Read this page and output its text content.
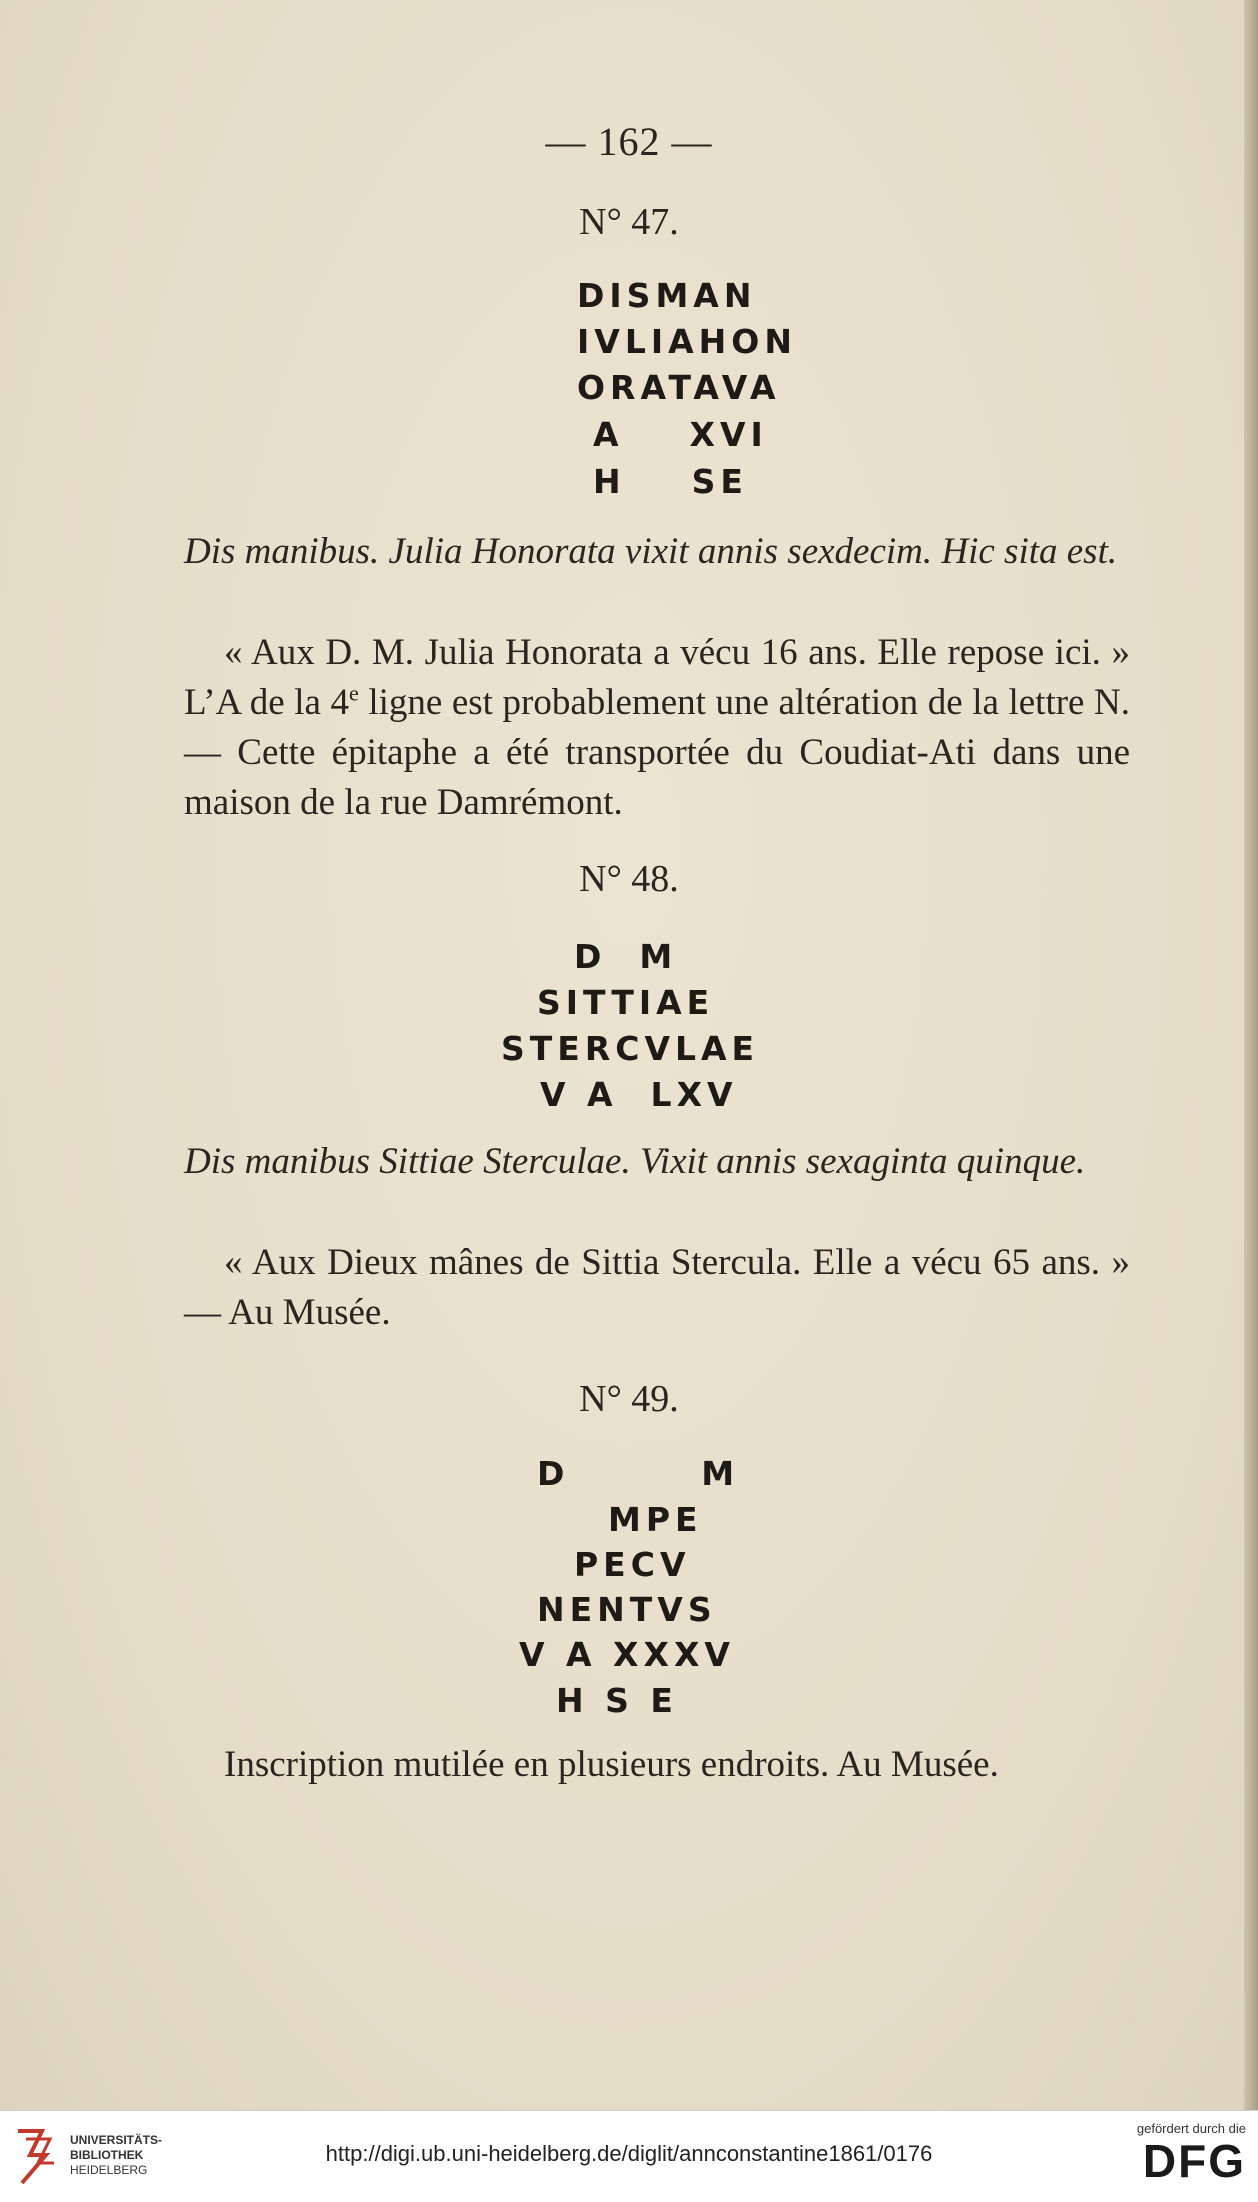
— 162 —
N° 47.
DISMAN
IVLIAHON
ORATAVA
A    XVI
H    SE

Dis manibus. Julia Honorata vixit annis sexdecim. Hic sita est.

« Aux D. M. Julia Honorata a vécu 16 ans. Elle repose ici. » L’A de la 4e ligne est probablement une altération de la lettre N. — Cette épitaphe a été transportée du Coudiat-Ati dans une maison de la rue Damrémont.

N° 48.
D  M
SITTIAE
STERCVLAE
V A  LXV

Dis manibus Sittiae Sterculae. Vixit annis sexaginta quinque.

« Aux Dieux mânes de Sittia Stercula. Elle a vécu 65 ans. » — Au Musée.

N° 49.
D        M
MPE
PECV
NENTVS
V A XXXV
H S E

Inscription mutilée en plusieurs endroits. Au Musée.

UNIVERSITÄTS-
BIBLIOTHEK
HEIDELBERG
http://digi.ub.uni-heidelberg.de/diglit/annconstantine1861/0176
gefördert durch die
DFG
